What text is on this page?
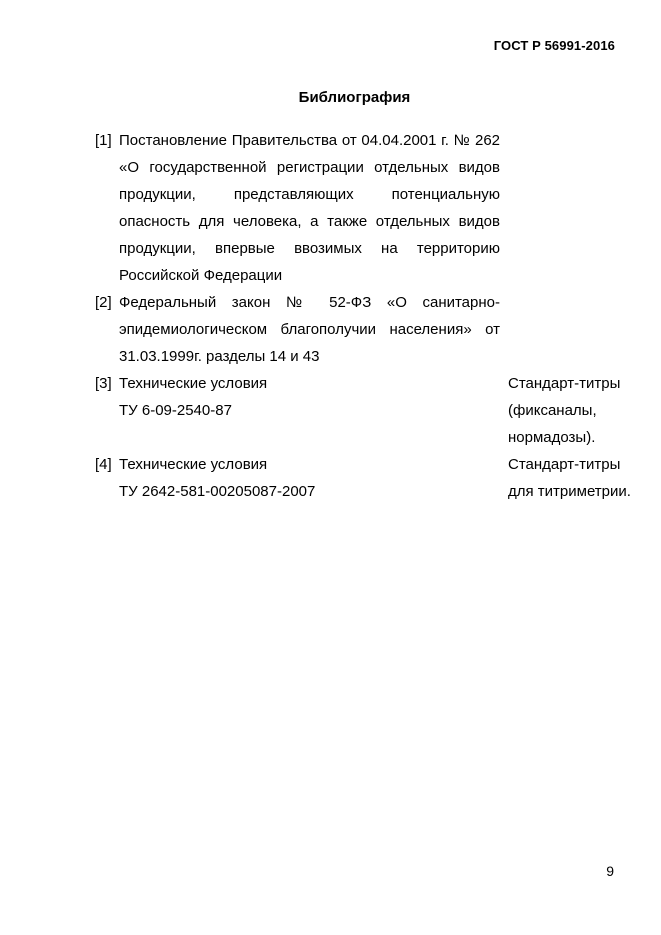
ГОСТ Р 56991-2016
Библиография
[1] Постановление Правительства от 04.04.2001 г. № 262 «О государственной регистрации отдельных видов продукции, представляющих потенциальную опасность для человека, а также отдельных видов продукции, впервые ввозимых на территорию Российской Федерации
[2] Федеральный закон № 52-ФЗ «О санитарно-эпидемиологическом благополучии населения» от 31.03.1999г. разделы 14 и 43
[3] Технические условия
ТУ 6-09-2540-87
Стандарт-титры (фиксаналы, нормадозы).
[4] Технические условия
ТУ 2642-581-00205087-2007
Стандарт-титры для титриметрии.
9
